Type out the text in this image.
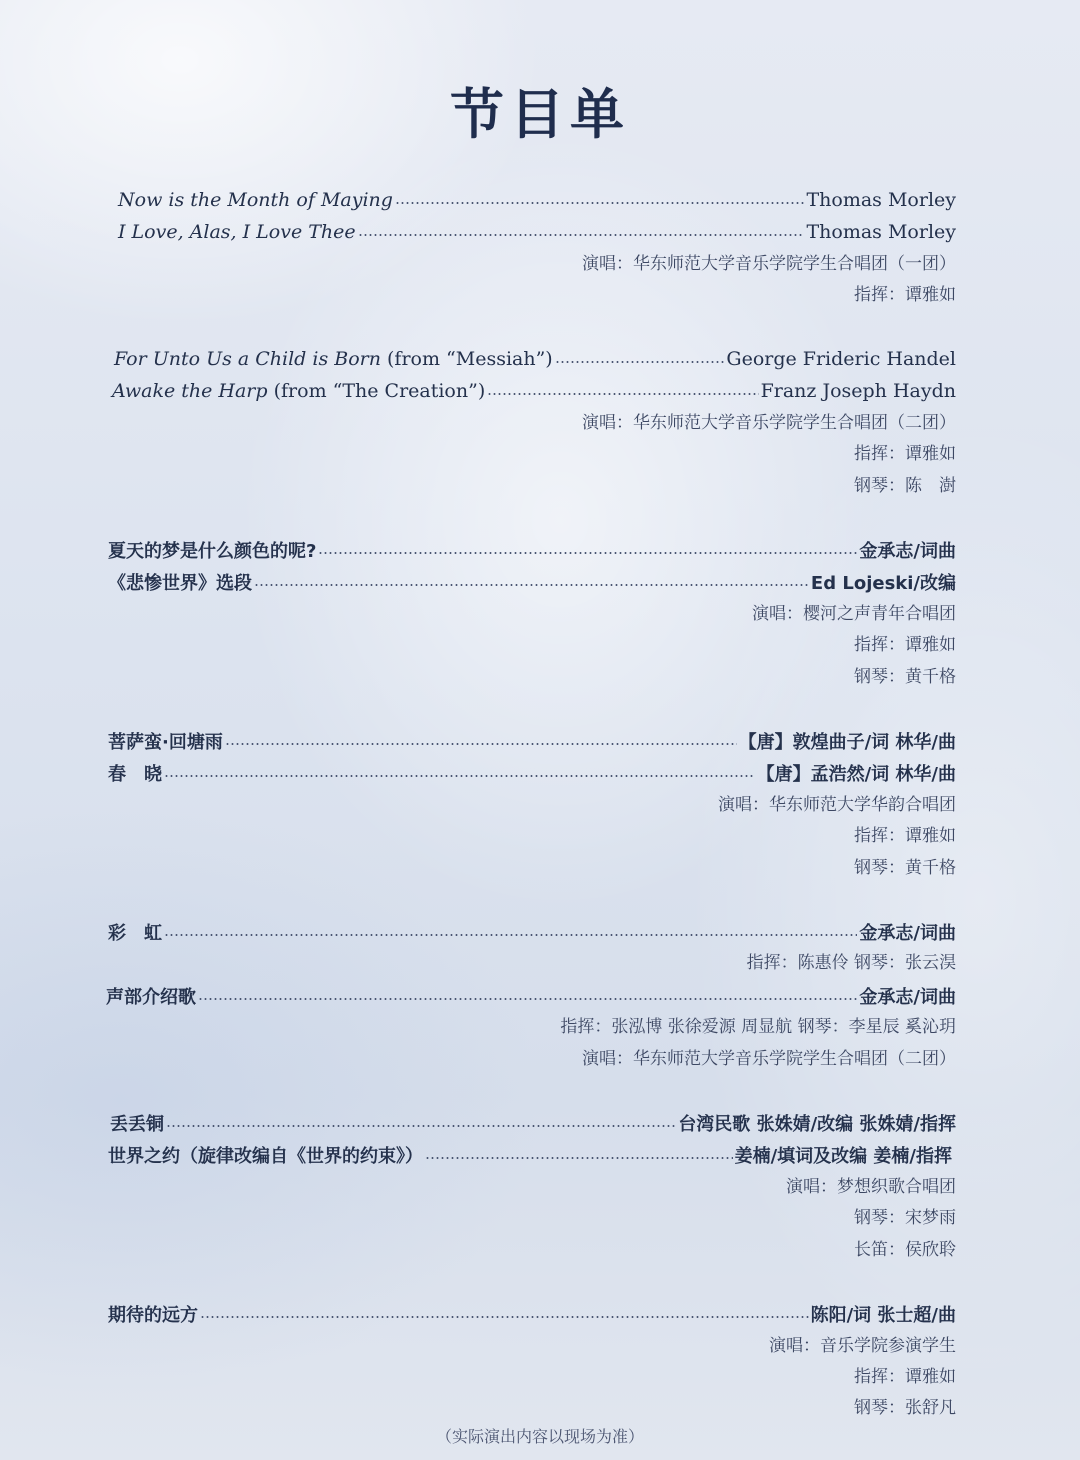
节目单
Now is the Month of Maying	Thomas Morley
I Love, Alas, I Love Thee	Thomas Morley
演唱：华东师范大学音乐学院学生合唱团（一团）
指挥：谭雅如
For Unto Us a Child is Born (from “Messiah”)	George Frideric Handel
Awake the Harp (from “The Creation”)	Franz Joseph Haydn
演唱：华东师范大学音乐学院学生合唱团（二团）
指挥：谭雅如
钢琴：陈　澍
夏天的梦是什么颜色的呢?	金承志/词曲
《悲惨世界》选段	Ed Lojeski/改编
演唱：樱河之声青年合唱团
指挥：谭雅如
钢琴：黄千格
菩萨蛮·回塘雨	【唐】敦煌曲子/词 林华/曲
春　晓	【唐】孟浩然/词 林华/曲
演唱：华东师范大学华韵合唱团
指挥：谭雅如
钢琴：黄千格
彩　虹	金承志/词曲
指挥：陈惠伶 钢琴：张云淏
声部介绍歌	金承志/词曲
指挥：张泓博 张徐爱源 周显航 钢琴：李星辰 奚沁玥
演唱：华东师范大学音乐学院学生合唱团（二团）
丢丢铜	台湾民歌 张姝婧/改编 张姝婧/指挥
世界之约（旋律改编自《世界的约束》）	姜楠/填词及改编 姜楠/指挥
演唱：梦想织歌合唱团
钢琴：宋梦雨
长笛：侯欣聆
期待的远方	陈阳/词 张士超/曲
演唱：音乐学院参演学生
指挥：谭雅如
钢琴：张舒凡
（实际演出内容以现场为准）
